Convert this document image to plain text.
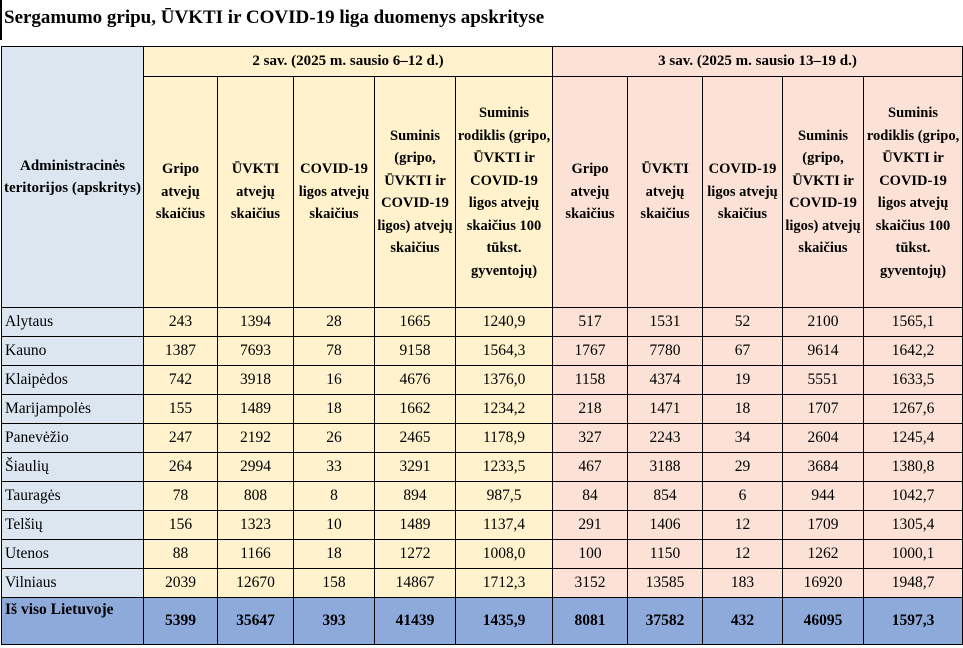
Sergamumo gripu, ŪVKTI ir COVID-19 liga duomenys apskrityse
Administracinės teritorijos (apskritys)	2 sav. (2025 m. sausio 6–12 d.)					3 sav. (2025 m. sausio 13–19 d.)				
	Gripo atvejų skaičius	ŪVKTI atvejų skaičius	COVID-19 ligos atvejų skaičius	Suminis (gripo, ŪVKTI ir COVID-19 ligos) atvejų skaičius	Suminis rodiklis (gripo, ŪVKTI ir COVID-19 ligos atvejų skaičius 100 tūkst. gyventojų)	Gripo atvejų skaičius	ŪVKTI atvejų skaičius	COVID-19 ligos atvejų skaičius	Suminis (gripo, ŪVKTI ir COVID-19 ligos) atvejų skaičius	Suminis rodiklis (gripo, ŪVKTI ir COVID-19 ligos atvejų skaičius 100 tūkst. gyventojų)
Alytaus	243	1394	28	1665	1240,9	517	1531	52	2100	1565,1
Kauno	1387	7693	78	9158	1564,3	1767	7780	67	9614	1642,2
Klaipėdos	742	3918	16	4676	1376,0	1158	4374	19	5551	1633,5
Marijampolės	155	1489	18	1662	1234,2	218	1471	18	1707	1267,6
Panevėžio	247	2192	26	2465	1178,9	327	2243	34	2604	1245,4
Šiaulių	264	2994	33	3291	1233,5	467	3188	29	3684	1380,8
Tauragės	78	808	8	894	987,5	84	854	6	944	1042,7
Telšių	156	1323	10	1489	1137,4	291	1406	12	1709	1305,4
Utenos	88	1166	18	1272	1008,0	100	1150	12	1262	1000,1
Vilniaus	2039	12670	158	14867	1712,3	3152	13585	183	16920	1948,7
Iš viso Lietuvoje	5399	35647	393	41439	1435,9	8081	37582	432	46095	1597,3
